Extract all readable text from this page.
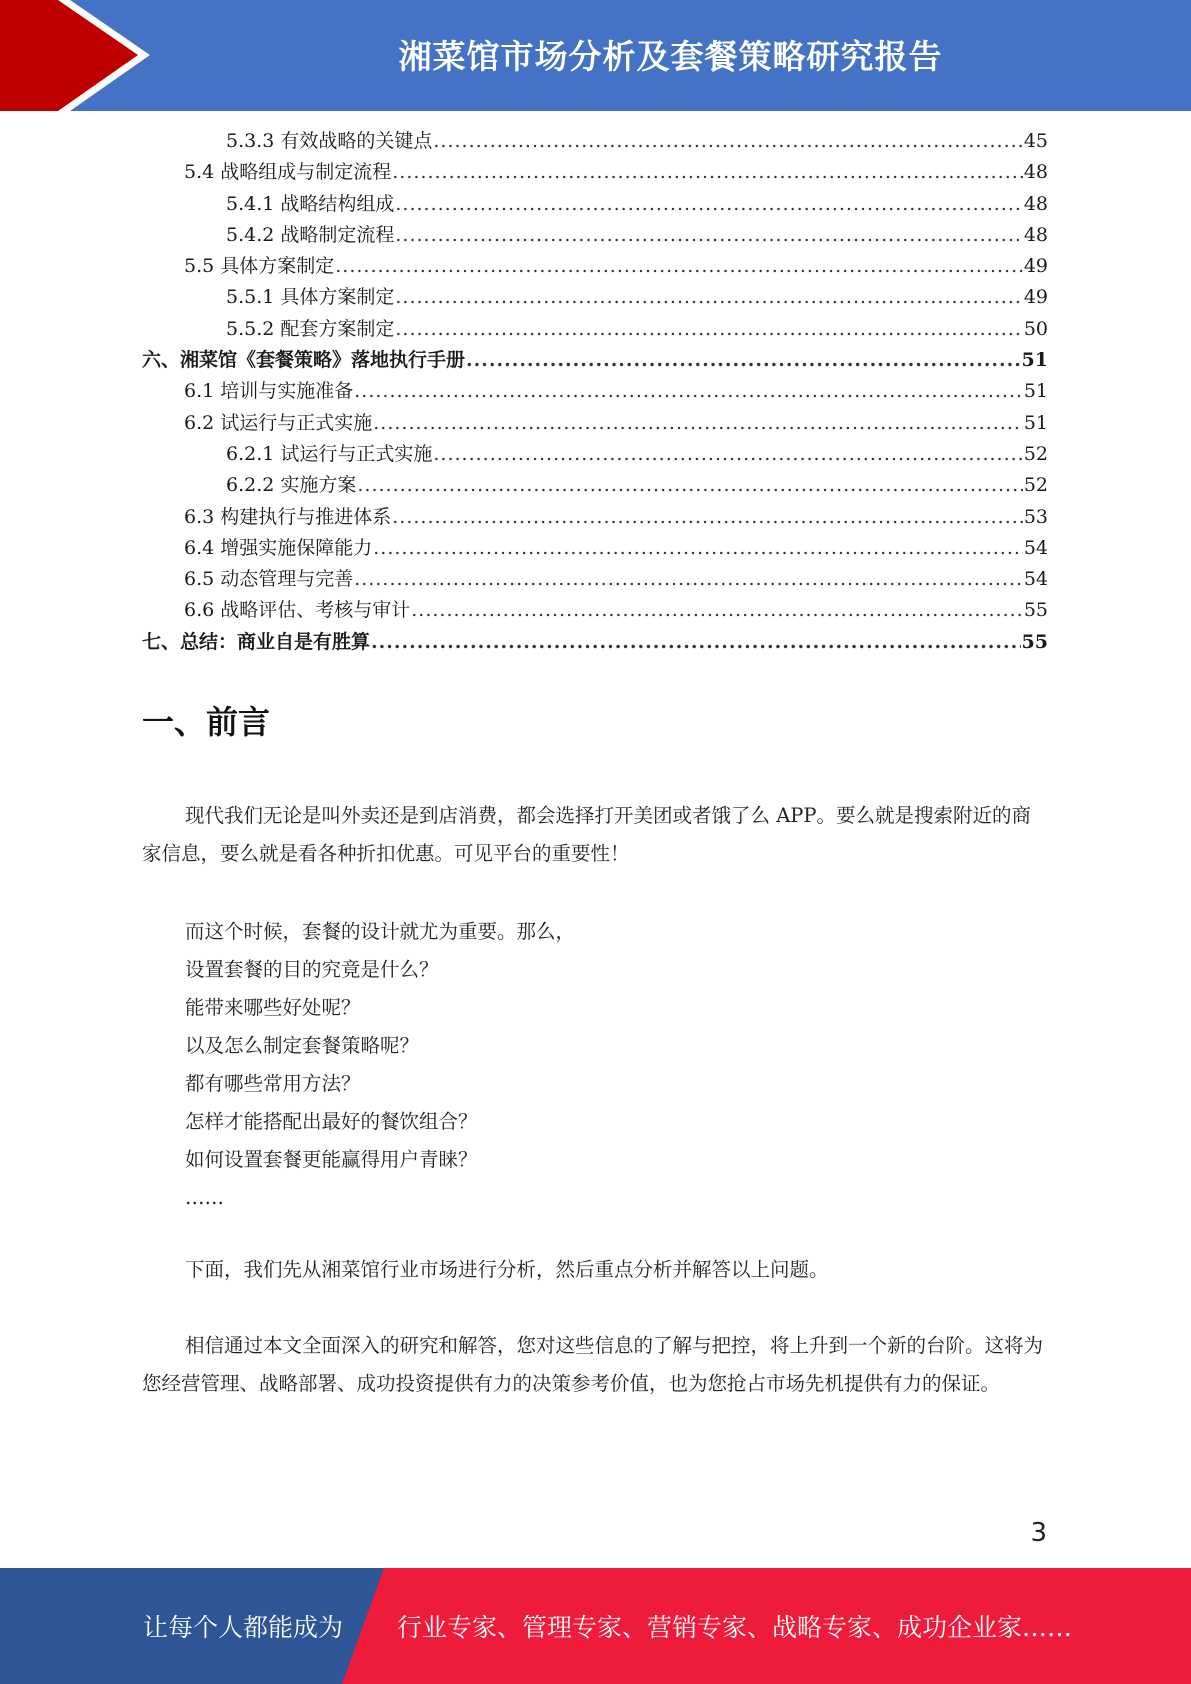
湘菜馆市场分析及套餐策略研究报告
5.3.3 有效战略的关键点 .....	45
5.4 战略组成与制定流程 .....	48
5.4.1 战略结构组成 .....	48
5.4.2 战略制定流程 .....	48
5.5 具体方案制定 .....	49
5.5.1 具体方案制定 .....	49
5.5.2 配套方案制定 .....	50
六、湘菜馆《套餐策略》落地执行手册 .....	51
6.1 培训与实施准备 .....	51
6.2 试运行与正式实施 .....	51
6.2.1 试运行与正式实施 .....	52
6.2.2 实施方案 .....	52
6.3 构建执行与推进体系 .....	53
6.4 增强实施保障能力 .....	54
6.5 动态管理与完善 .....	54
6.6 战略评估、考核与审计 .....	55
七、总结：商业自是有胜算 .....	55
一、前言

现代我们无论是叫外卖还是到店消费，都会选择打开美团或者饿了么 APP。要么就是搜索附近的商家信息，要么就是看各种折扣优惠。可见平台的重要性！

而这个时候，套餐的设计就尤为重要。那么，
设置套餐的目的究竟是什么？
能带来哪些好处呢？
以及怎么制定套餐策略呢？
都有哪些常用方法？
怎样才能搭配出最好的餐饮组合？
如何设置套餐更能赢得用户青睐？
……

下面，我们先从湘菜馆行业市场进行分析，然后重点分析并解答以上问题。

相信通过本文全面深入的研究和解答，您对这些信息的了解与把控，将上升到一个新的台阶。这将为您经营管理、战略部署、成功投资提供有力的决策参考价值，也为您抢占市场先机提供有力的保证。

3
让每个人都能成为 行业专家、管理专家、营销专家、战略专家、成功企业家……
